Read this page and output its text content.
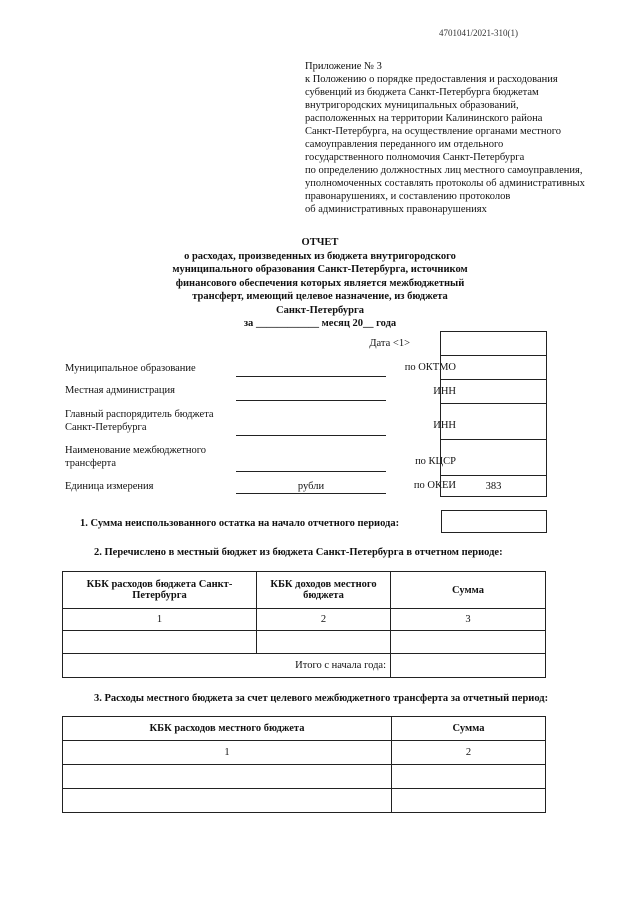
4701041/2021-310(1)
Приложение № 3
к Положению о порядке предоставления и расходования
субвенций из бюджета Санкт-Петербурга бюджетам
внутригородских муниципальных образований,
расположенных на территории Калининского района
Санкт-Петербурга, на осуществление органами местного
самоуправления переданного им отдельного
государственного полномочия Санкт-Петербурга
по определению должностных лиц местного самоуправления,
уполномоченных составлять протоколы об административных
правонарушениях, и составлению протоколов
об административных правонарушениях
ОТЧЕТ
о расходах, произведенных из бюджета внутригородского
муниципального образования Санкт-Петербурга, источником
финансового обеспечения которых является межбюджетный
трансферт, имеющий целевое назначение, из бюджета
Санкт-Петербурга
за ____________ месяц 20__ года
Дата <1>
Муниципальное образование	по ОКТМО
Местная администрация	ИНН
Главный распорядитель бюджета
Санкт-Петербурга	ИНН
Наименование межбюджетного
трансферта	по КЦСР
Единица измерения	рубли	по ОКЕИ	383
1. Сумма неиспользованного остатка на начало отчетного периода:
2. Перечислено в местный бюджет из бюджета Санкт-Петербурга в отчетном периоде:
КБК расходов бюджета Санкт-Петербурга	КБК доходов местного бюджета	Сумма
1	2	3

Итого с начала года:		
3. Расходы местного бюджета за счет целевого межбюджетного трансферта за отчетный период:
КБК расходов местного бюджета	Сумма
1	2
